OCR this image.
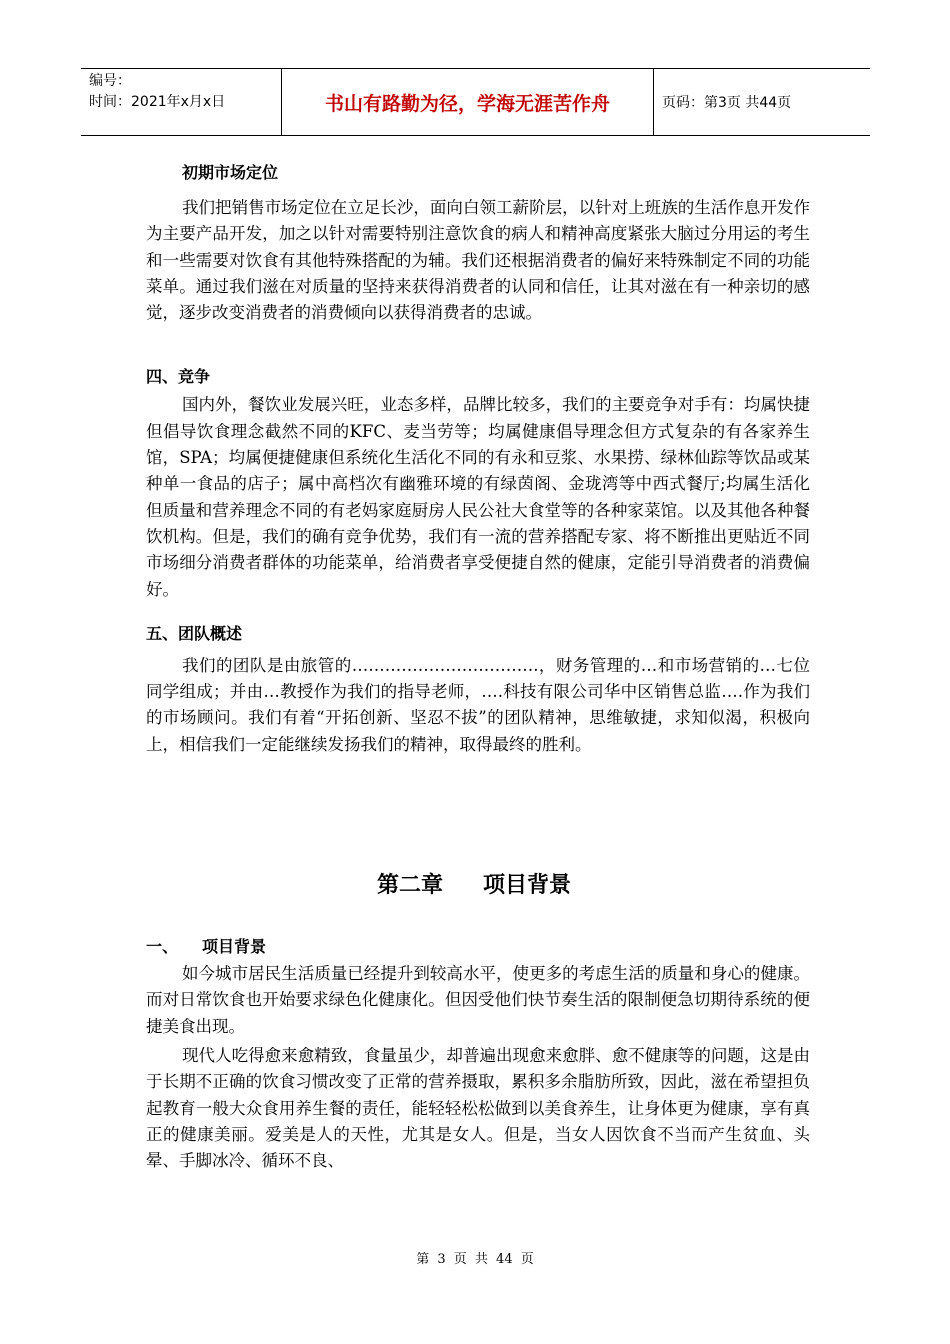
编号：
时间：2021年x月x日	书山有路勤为径，学海无涯苦作舟	页码：第3页 共44页
初期市场定位

我们把销售市场定位在立足长沙，面向白领工薪阶层，以针对上班族的生活作息开发作为主要产品开发，加之以针对需要特别注意饮食的病人和精神高度紧张大脑过分用运的考生和一些需要对饮食有其他特殊搭配的为辅。我们还根据消费者的偏好来特殊制定不同的功能菜单。通过我们滋在对质量的坚持来获得消费者的认同和信任，让其对滋在有一种亲切的感觉，逐步改变消费者的消费倾向以获得消费者的忠诚。

四、竞争

国内外，餐饮业发展兴旺，业态多样，品牌比较多，我们的主要竞争对手有：均属快捷但倡导饮食理念截然不同的KFC、麦当劳等；均属健康倡导理念但方式复杂的有各家养生馆，SPA；均属便捷健康但系统化生活化不同的有永和豆浆、水果捞、绿林仙踪等饮品或某种单一食品的店子；属中高档次有幽雅环境的有绿茵阁、金珑湾等中西式餐厅;均属生活化但质量和营养理念不同的有老妈家庭厨房人民公社大食堂等的各种家菜馆。以及其他各种餐饮机构。但是，我们的确有竞争优势，我们有一流的营养搭配专家、将不断推出更贴近不同市场细分消费者群体的功能菜单，给消费者享受便捷自然的健康，定能引导消费者的消费偏好。

五、团队概述

我们的团队是由旅管的…………………………….，财务管理的…和市场营销的…七位同学组成；并由…教授作为我们的指导老师，….科技有限公司华中区销售总监….作为我们的市场顾问。我们有着“开拓创新、坚忍不拔”的团队精神，思维敏捷，求知似渴，积极向上，相信我们一定能继续发扬我们的精神，取得最终的胜利。

第二章 项目背景
一、	项目背景

如今城市居民生活质量已经提升到较高水平，使更多的考虑生活的质量和身心的健康。而对日常饮食也开始要求绿色化健康化。但因受他们快节奏生活的限制便急切期待系统的便捷美食出现。

现代人吃得愈来愈精致，食量虽少，却普遍出现愈来愈胖、愈不健康等的问题，这是由于长期不正确的饮食习惯改变了正常的营养摄取，累积多余脂肪所致，因此，滋在希望担负起教育一般大众食用养生餐的责任，能轻轻松松做到以美食养生，让身体更为健康，享有真正的健康美丽。爱美是人的天性，尤其是女人。但是，当女人因饮食不当而产生贫血、头晕、手脚冰冷、循环不良、

第 3 页 共 44 页
